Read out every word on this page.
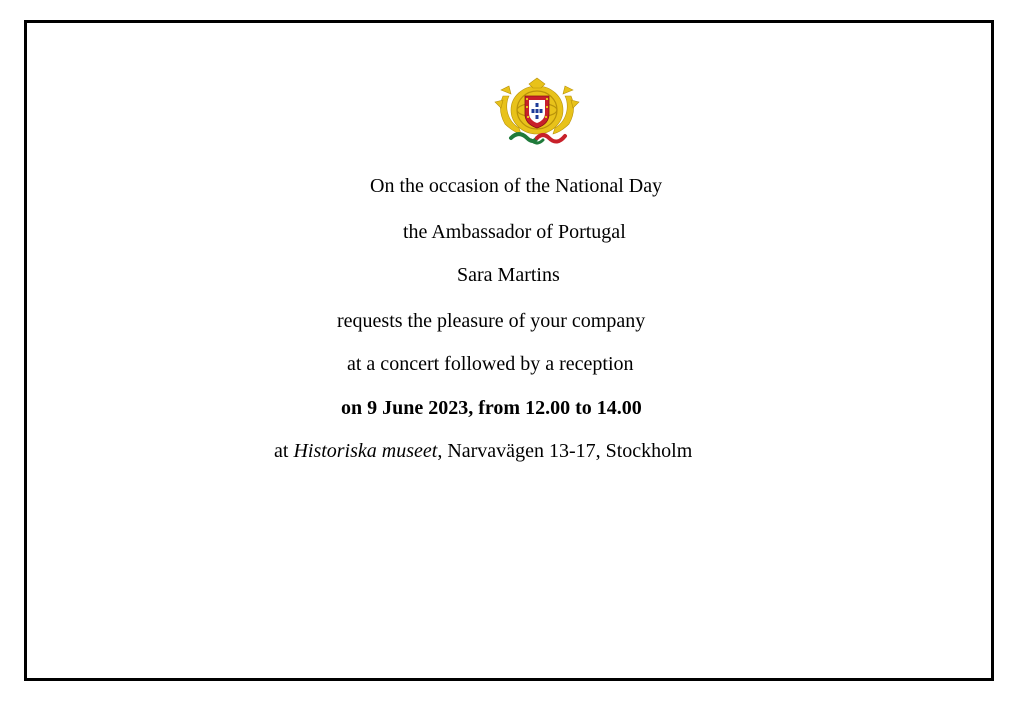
On the occasion of the National Day
the Ambassador of Portugal
Sara Martins
requests the pleasure of your company
at a concert followed by a reception
on 9 June 2023, from 12.00 to 14.00
at Historiska museet, Narvavägen 13-17, Stockholm
